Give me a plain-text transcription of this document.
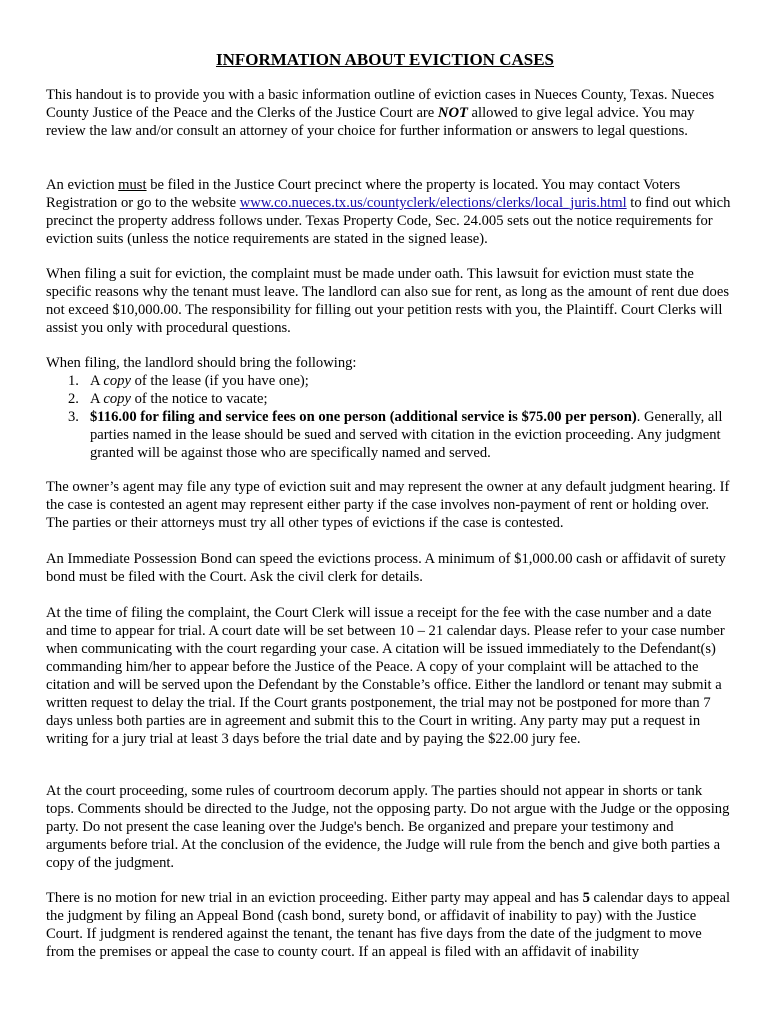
INFORMATION ABOUT EVICTION CASES

This handout is to provide you with a basic information outline of eviction cases in Nueces County, Texas. Nueces County Justice of the Peace and the Clerks of the Justice Court are NOT allowed to give legal advice. You may review the law and/or consult an attorney of your choice for further information or answers to legal questions.

An eviction must be filed in the Justice Court precinct where the property is located. You may contact Voters Registration or go to the website www.co.nueces.tx.us/countyclerk/elections/clerks/local_juris.html to find out which precinct the property address follows under. Texas Property Code, Sec. 24.005 sets out the notice requirements for eviction suits (unless the notice requirements are stated in the signed lease).

When filing a suit for eviction, the complaint must be made under oath. This lawsuit for eviction must state the specific reasons why the tenant must leave. The landlord can also sue for rent, as long as the amount of rent due does not exceed $10,000.00. The responsibility for filling out your petition rests with you, the Plaintiff. Court Clerks will assist you only with procedural questions.

When filing, the landlord should bring the following:

1. A copy of the lease (if you have one);
2. A copy of the notice to vacate;
3. $116.00 for filing and service fees on one person (additional service is $75.00 per person). Generally, all parties named in the lease should be sued and served with citation in the eviction proceeding. Any judgment granted will be against those who are specifically named and served.

The owner’s agent may file any type of eviction suit and may represent the owner at any default judgment hearing. If the case is contested an agent may represent either party if the case involves non-payment of rent or holding over. The parties or their attorneys must try all other types of evictions if the case is contested.

An Immediate Possession Bond can speed the evictions process. A minimum of $1,000.00 cash or affidavit of surety bond must be filed with the Court. Ask the civil clerk for details.

At the time of filing the complaint, the Court Clerk will issue a receipt for the fee with the case number and a date and time to appear for trial. A court date will be set between 10 – 21 calendar days. Please refer to your case number when communicating with the court regarding your case. A citation will be issued immediately to the Defendant(s) commanding him/her to appear before the Justice of the Peace. A copy of your complaint will be attached to the citation and will be served upon the Defendant by the Constable’s office. Either the landlord or tenant may submit a written request to delay the trial. If the Court grants postponement, the trial may not be postponed for more than 7 days unless both parties are in agreement and submit this to the Court in writing. Any party may put a request in writing for a jury trial at least 3 days before the trial date and by paying the $22.00 jury fee.

At the court proceeding, some rules of courtroom decorum apply. The parties should not appear in shorts or tank tops. Comments should be directed to the Judge, not the opposing party. Do not argue with the Judge or the opposing party. Do not present the case leaning over the Judge's bench. Be organized and prepare your testimony and arguments before trial. At the conclusion of the evidence, the Judge will rule from the bench and give both parties a copy of the judgment.

There is no motion for new trial in an eviction proceeding. Either party may appeal and has 5 calendar days to appeal the judgment by filing an Appeal Bond (cash bond, surety bond, or affidavit of inability to pay) with the Justice Court. If judgment is rendered against the tenant, the tenant has five days from the date of the judgment to move from the premises or appeal the case to county court. If an appeal is filed with an affidavit of inability
